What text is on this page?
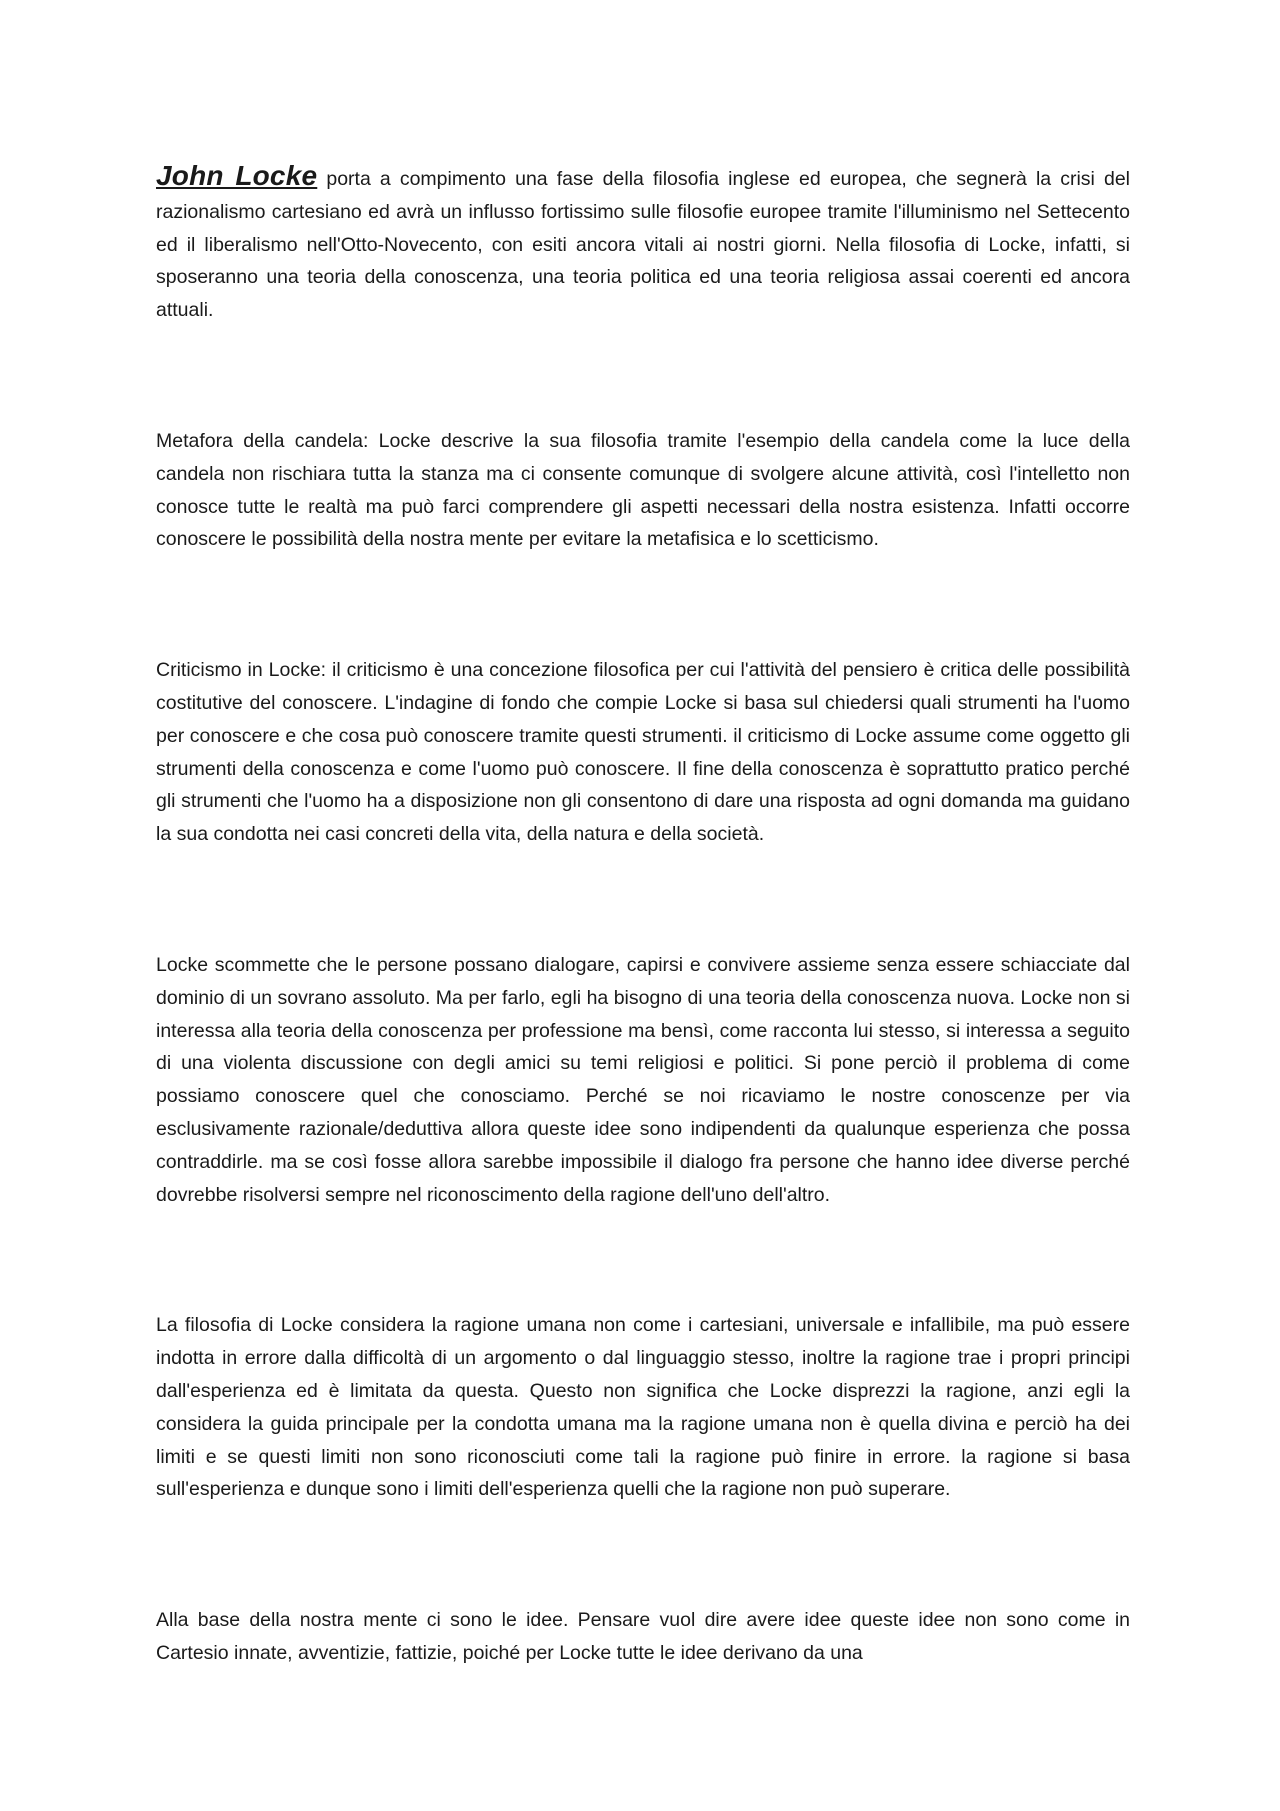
John Locke porta a compimento una fase della filosofia inglese ed europea, che segnerà la crisi del razionalismo cartesiano ed avrà un influsso fortissimo sulle filosofie europee tramite l'illuminismo nel Settecento ed il liberalismo nell'Otto-Novecento, con esiti ancora vitali ai nostri giorni. Nella filosofia di Locke, infatti, si sposeranno una teoria della conoscenza, una teoria politica ed una teoria religiosa assai coerenti ed ancora attuali.

Metafora della candela: Locke descrive la sua filosofia tramite l'esempio della candela come la luce della candela non rischiara tutta la stanza ma ci consente comunque di svolgere alcune attività, così l'intelletto non conosce tutte le realtà ma può farci comprendere gli aspetti necessari della nostra esistenza. Infatti occorre conoscere le possibilità della nostra mente per evitare la metafisica e lo scetticismo.

Criticismo in Locke: il criticismo è una concezione filosofica per cui l'attività del pensiero è critica delle possibilità costitutive del conoscere. L'indagine di fondo che compie Locke si basa sul chiedersi quali strumenti ha l'uomo per conoscere e che cosa può conoscere tramite questi strumenti. il criticismo di Locke assume come oggetto gli strumenti della conoscenza e come l'uomo può conoscere. Il fine della conoscenza è soprattutto pratico perché gli strumenti che l'uomo ha a disposizione non gli consentono di dare una risposta ad ogni domanda ma guidano la sua condotta nei casi concreti della vita, della natura e della società.

Locke scommette che le persone possano dialogare, capirsi e convivere assieme senza essere schiacciate dal dominio di un sovrano assoluto. Ma per farlo, egli ha bisogno di una teoria della conoscenza nuova. Locke non si interessa alla teoria della conoscenza per professione ma bensì, come racconta lui stesso, si interessa a seguito di una violenta discussione con degli amici su temi religiosi e politici. Si pone perciò il problema di come possiamo conoscere quel che conosciamo. Perché se noi ricaviamo le nostre conoscenze per via esclusivamente razionale/deduttiva allora queste idee sono indipendenti da qualunque esperienza che possa contraddirle. ma se così fosse allora sarebbe impossibile il dialogo fra persone che hanno idee diverse perché dovrebbe risolversi sempre nel riconoscimento della ragione dell'uno dell'altro.

La filosofia di Locke considera la ragione umana non come i cartesiani, universale e infallibile, ma può essere indotta in errore dalla difficoltà di un argomento o dal linguaggio stesso, inoltre la ragione trae i propri principi dall'esperienza ed è limitata da questa. Questo non significa che Locke disprezzi la ragione, anzi egli la considera la guida principale per la condotta umana ma la ragione umana non è quella divina e perciò ha dei limiti e se questi limiti non sono riconosciuti come tali la ragione può finire in errore. la ragione si basa sull'esperienza e dunque sono i limiti dell'esperienza quelli che la ragione non può superare.

Alla base della nostra mente ci sono le idee. Pensare vuol dire avere idee queste idee non sono come in Cartesio innate, avventizie, fattizie, poiché per Locke tutte le idee derivano da una
